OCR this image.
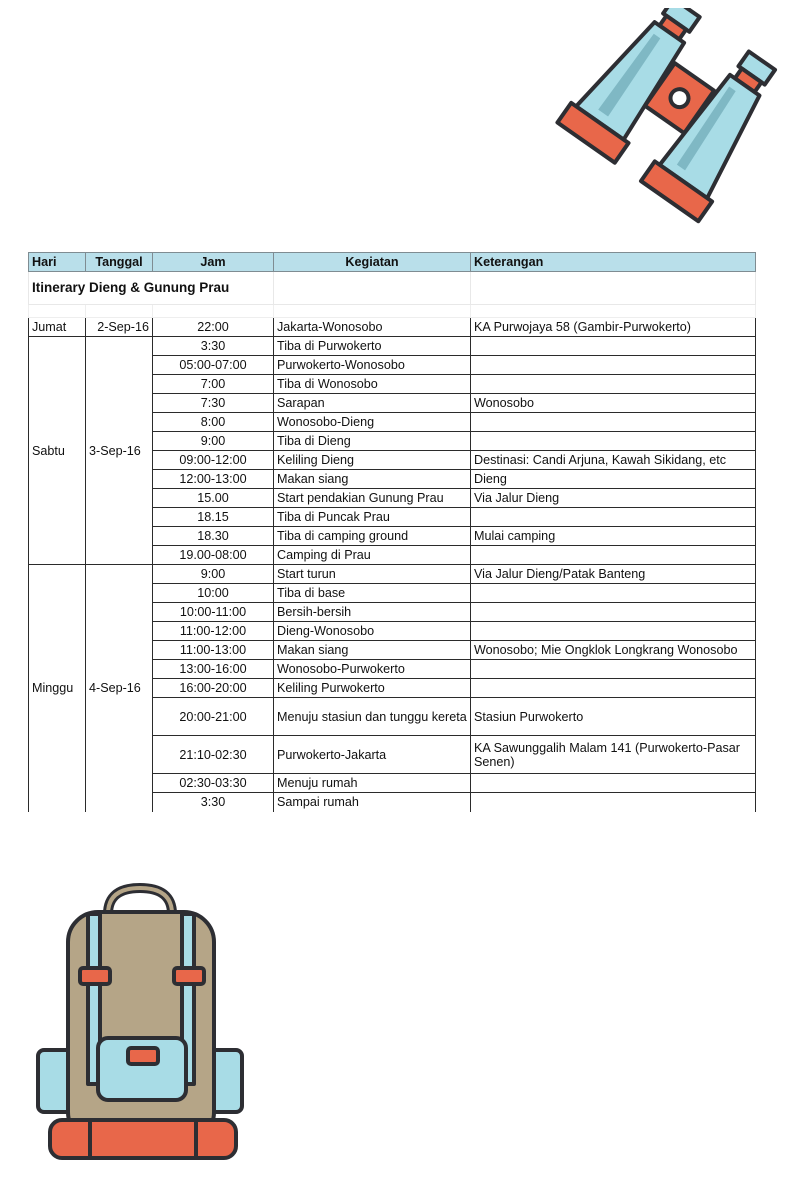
Itinerary Dieng & Gunung Prau				

Hari	Tanggal	Jam	Kegiatan	Keterangan
Jumat	2-Sep-16	22:00	Jakarta-Wonosobo	KA Purwojaya 58 (Gambir-Purwokerto)
Sabtu	3-Sep-16	3:30	Tiba di Purwokerto	
		05:00-07:00	Purwokerto-Wonosobo	
		7:00	Tiba di Wonosobo	
		7:30	Sarapan	Wonosobo
		8:00	Wonosobo-Dieng	
		9:00	Tiba di Dieng	
		09:00-12:00	Keliling Dieng	Destinasi: Candi Arjuna, Kawah Sikidang, etc
		12:00-13:00	Makan siang	Dieng
		15.00	Start pendakian Gunung Prau	Via Jalur Dieng
		18.15	Tiba di Puncak Prau	
		18.30	Tiba di camping ground	Mulai camping
		19.00-08:00	Camping di Prau	
Minggu	4-Sep-16	9:00	Start turun	Via Jalur Dieng/Patak Banteng
		10:00	Tiba di base	
		10:00-11:00	Bersih-bersih	
		11:00-12:00	Dieng-Wonosobo	
		11:00-13:00	Makan siang	Wonosobo; Mie Ongklok Longkrang Wonosobo
		13:00-16:00	Wonosobo-Purwokerto	
		16:00-20:00	Keliling Purwokerto	
		20:00-21:00	Menuju stasiun dan tunggu kereta	Stasiun Purwokerto
		21:10-02:30	Purwokerto-Jakarta	KA Sawunggalih Malam 141 (Purwokerto-Pasar Senen)
		02:30-03:30	Menuju rumah	
		3:30	Sampai rumah	
